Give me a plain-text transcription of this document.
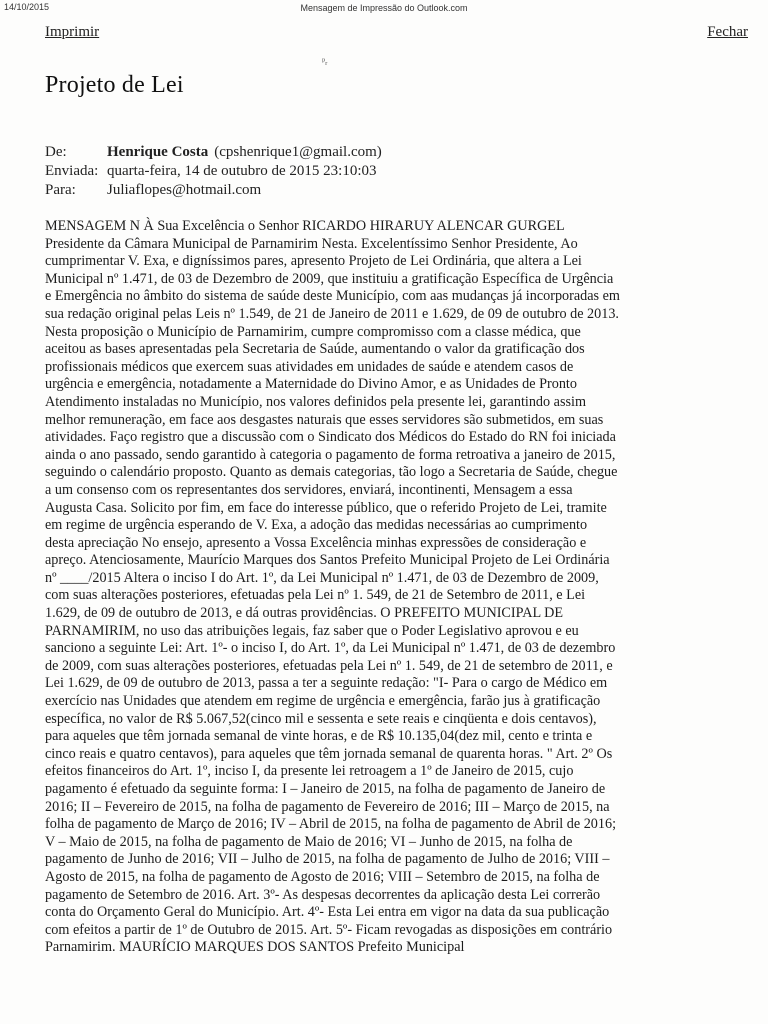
14/10/2015	Mensagem de Impressão do Outlook.com
Imprimir	Fechar
ᵖᵣ
Projeto de Lei
De:	Henrique Costa (cpshenrique1@gmail.com)
Enviada: quarta-feira, 14 de outubro de 2015 23:10:03
Para:	Juliaflopes@hotmail.com
MENSAGEM N À Sua Excelência o Senhor RICARDO HIRARUY ALENCAR GURGEL
Presidente da Câmara Municipal de Parnamirim Nesta. Excelentíssimo Senhor Presidente, Ao
cumprimentar V. Exa, e digníssimos pares, apresento Projeto de Lei Ordinária, que altera a Lei
Municipal nº 1.471, de 03 de Dezembro de 2009, que instituiu a gratificação Específica de Urgência
e Emergência no âmbito do sistema de saúde deste Município, com aas mudanças já incorporadas em
sua redação original pelas Leis nº 1.549, de 21 de Janeiro de 2011 e 1.629, de 09 de outubro de 2013.
Nesta proposição o Município de Parnamirim, cumpre compromisso com a classe médica, que
aceitou as bases apresentadas pela Secretaria de Saúde, aumentando o valor da gratificação dos
profissionais médicos que exercem suas atividades em unidades de saúde e atendem casos de
urgência e emergência, notadamente a Maternidade do Divino Amor, e as Unidades de Pronto
Atendimento instaladas no Município, nos valores definidos pela presente lei, garantindo assim
melhor remuneração, em face aos desgastes naturais que esses servidores são submetidos, em suas
atividades. Faço registro que a discussão com o Sindicato dos Médicos do Estado do RN foi iniciada
ainda o ano passado, sendo garantido à categoria o pagamento de forma retroativa a janeiro de 2015,
seguindo o calendário proposto. Quanto as demais categorias, tão logo a Secretaria de Saúde, chegue
a um consenso com os representantes dos servidores, enviará, incontinenti, Mensagem a essa
Augusta Casa. Solicito por fim, em face do interesse público, que o referido Projeto de Lei, tramite
em regime de urgência esperando de V. Exa, a adoção das medidas necessárias ao cumprimento
desta apreciação No ensejo, apresento a Vossa Excelência minhas expressões de consideração e
apreço. Atenciosamente, Maurício Marques dos Santos Prefeito Municipal Projeto de Lei Ordinária
nº ____/2015 Altera o inciso I do Art. 1º, da Lei Municipal nº 1.471, de 03 de Dezembro de 2009,
com suas alterações posteriores, efetuadas pela Lei nº 1. 549, de 21 de Setembro de 2011, e Lei
1.629, de 09 de outubro de 2013, e dá outras providências. O PREFEITO MUNICIPAL DE
PARNAMIRIM, no uso das atribuições legais, faz saber que o Poder Legislativo aprovou e eu
sanciono a seguinte Lei: Art. 1º- o inciso I, do Art. 1º, da Lei Municipal nº 1.471, de 03 de dezembro
de 2009, com suas alterações posteriores, efetuadas pela Lei nº 1. 549, de 21 de setembro de 2011, e
Lei 1.629, de 09 de outubro de 2013, passa a ter a seguinte redação: "I- Para o cargo de Médico em
exercício nas Unidades que atendem em regime de urgência e emergência, farão jus à gratificação
específica, no valor de R$ 5.067,52(cinco mil e sessenta e sete reais e cinqüenta e dois centavos),
para aqueles que têm jornada semanal de vinte horas, e de R$ 10.135,04(dez mil, cento e trinta e
cinco reais e quatro centavos), para aqueles que têm jornada semanal de quarenta horas. " Art. 2º Os
efeitos financeiros do Art. 1º, inciso I, da presente lei retroagem a 1º de Janeiro de 2015, cujo
pagamento é efetuado da seguinte forma: I – Janeiro de 2015, na folha de pagamento de Janeiro de
2016; II – Fevereiro de 2015, na folha de pagamento de Fevereiro de 2016; III – Março de 2015, na
folha de pagamento de Março de 2016; IV – Abril de 2015, na folha de pagamento de Abril de 2016;
V – Maio de 2015, na folha de pagamento de Maio de 2016; VI – Junho de 2015, na folha de
pagamento de Junho de 2016; VII – Julho de 2015, na folha de pagamento de Julho de 2016; VIII –
Agosto de 2015, na folha de pagamento de Agosto de 2016; VIII – Setembro de 2015, na folha de
pagamento de Setembro de 2016. Art. 3º- As despesas decorrentes da aplicação desta Lei correrão
conta do Orçamento Geral do Município. Art. 4º- Esta Lei entra em vigor na data da sua publicação
com efeitos a partir de 1º de Outubro de 2015. Art. 5º- Ficam revogadas as disposições em contrário
Parnamirim. MAURÍCIO MARQUES DOS SANTOS Prefeito Municipal
